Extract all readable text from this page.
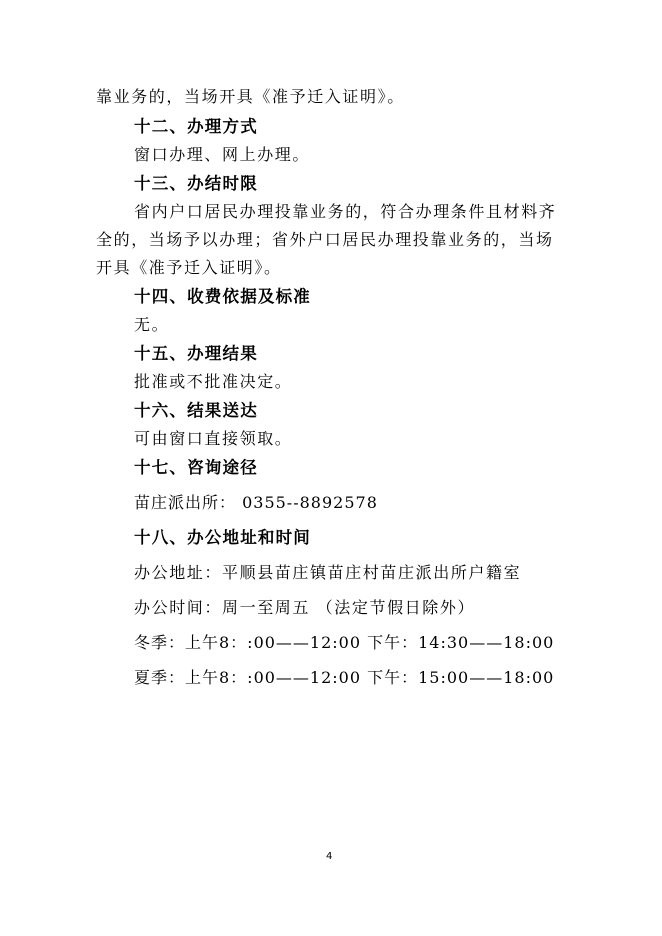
靠业务的，当场开具《准予迁入证明》。
十二、办理方式
窗口办理、网上办理。
十三、办结时限
省内户口居民办理投靠业务的，符合办理条件且材料齐
全的，当场予以办理；省外户口居民办理投靠业务的，当场
开具《准予迁入证明》。
十四、收费依据及标准
无。
十五、办理结果
批准或不批准决定。
十六、结果送达
可由窗口直接领取。
十七、咨询途径
苗庄派出所： 0355--8892578
十八、办公地址和时间
办公地址：平顺县苗庄镇苗庄村苗庄派出所户籍室
办公时间：周一至周五 （法定节假日除外）
冬季：上午8：:00——12:00 下午：14:30——18:00
夏季：上午8：:00——12:00 下午：15:00——18:00
4
